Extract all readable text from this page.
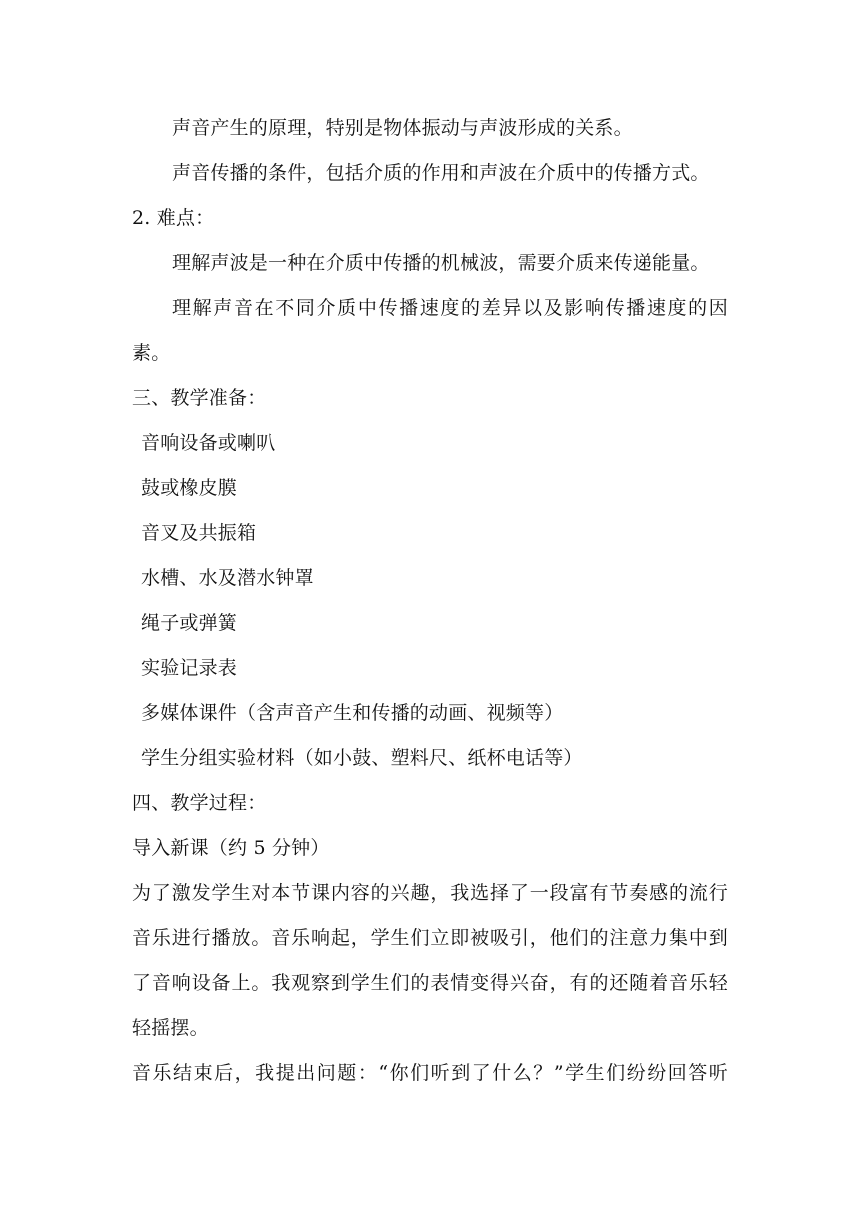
声音产生的原理，特别是物体振动与声波形成的关系。
声音传播的条件，包括介质的作用和声波在介质中的传播方式。
2. 难点：
理解声波是一种在介质中传播的机械波，需要介质来传递能量。
理解声音在不同介质中传播速度的差异以及影响传播速度的因
素。
三、教学准备：
音响设备或喇叭
鼓或橡皮膜
音叉及共振箱
水槽、水及潜水钟罩
绳子或弹簧
实验记录表
多媒体课件（含声音产生和传播的动画、视频等）
学生分组实验材料（如小鼓、塑料尺、纸杯电话等）
四、教学过程：
导入新课（约 5 分钟）
为了激发学生对本节课内容的兴趣，我选择了一段富有节奏感的流行
音乐进行播放。音乐响起，学生们立即被吸引，他们的注意力集中到
了音响设备上。我观察到学生们的表情变得兴奋，有的还随着音乐轻
轻摇摆。
音乐结束后，我提出问题：“你们听到了什么？”学生们纷纷回答听
